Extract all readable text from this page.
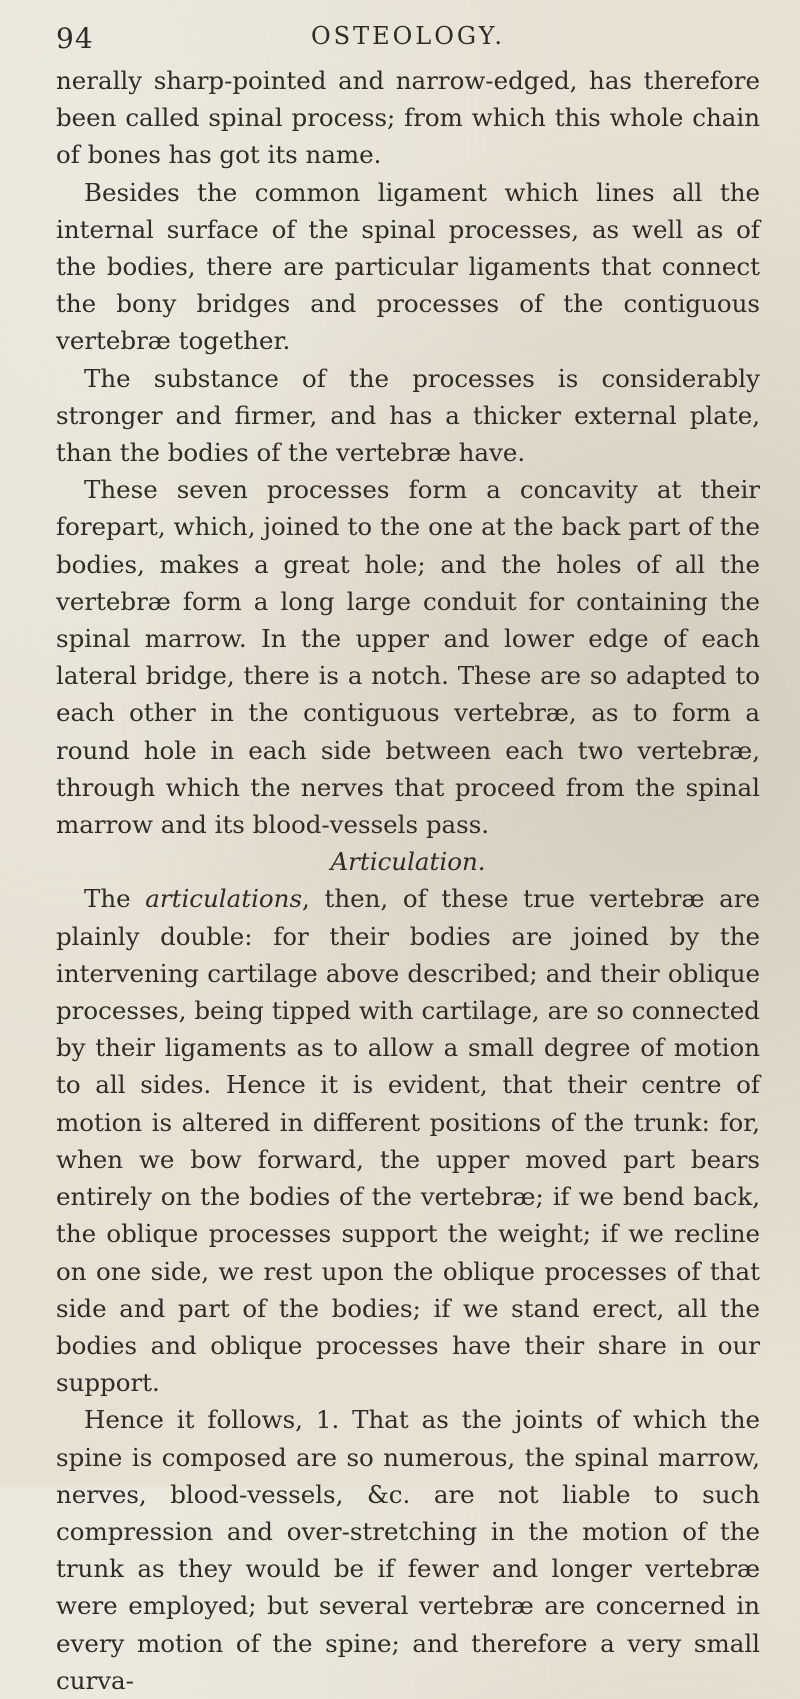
94	OSTEOLOGY.

nerally sharp-pointed and narrow-edged, has therefore been called spinal process; from which this whole chain of bones has got its name.

Besides the common ligament which lines all the internal surface of the spinal processes, as well as of the bodies, there are particular ligaments that connect the bony bridges and processes of the contiguous vertebræ together.

The substance of the processes is considerably stronger and firmer, and has a thicker external plate, than the bodies of the vertebræ have.

These seven processes form a concavity at their forepart, which, joined to the one at the back part of the bodies, makes a great hole; and the holes of all the vertebræ form a long large conduit for containing the spinal marrow. In the upper and lower edge of each lateral bridge, there is a notch. These are so adapted to each other in the contiguous vertebræ, as to form a round hole in each side between each two vertebræ, through which the nerves that proceed from the spinal marrow and its blood-vessels pass.

Articulation.

The articulations, then, of these true vertebræ are plainly double: for their bodies are joined by the intervening cartilage above described; and their oblique processes, being tipped with cartilage, are so connected by their ligaments as to allow a small degree of motion to all sides. Hence it is evident, that their centre of motion is altered in different positions of the trunk: for, when we bow forward, the upper moved part bears entirely on the bodies of the vertebræ; if we bend back, the oblique processes support the weight; if we recline on one side, we rest upon the oblique processes of that side and part of the bodies; if we stand erect, all the bodies and oblique processes have their share in our support.

Hence it follows, 1. That as the joints of which the spine is composed are so numerous, the spinal marrow, nerves, blood-vessels, &c. are not liable to such compression and over-stretching in the motion of the trunk as they would be if fewer and longer vertebræ were employed; but several vertebræ are concerned in every motion of the spine; and therefore a very small curva-
